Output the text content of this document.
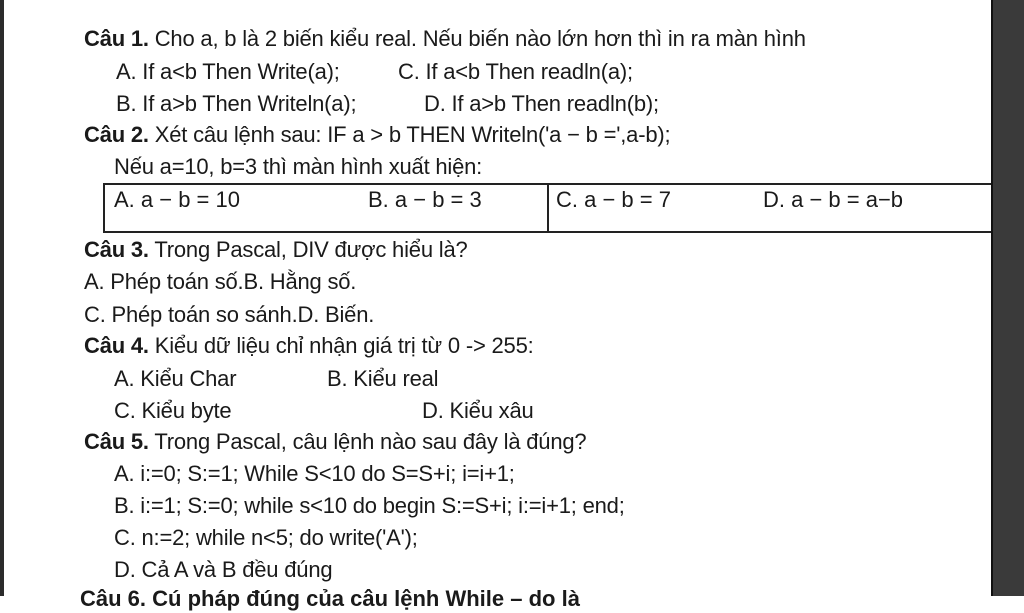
Câu 1. Cho a, b là 2 biến kiểu real. Nếu biến nào lớn hơn thì in ra màn hình
A. If a<b Then Write(a);	C. If a<b Then readln(a);
B. If a>b Then Writeln(a);	D. If a>b Then readln(b);
Câu 2. Xét câu lệnh sau: IF a > b THEN Writeln('a − b =',a-b);
Nếu a=10, b=3 thì màn hình xuất hiện:
A. a − b = 10	B. a − b = 3	C. a − b = 7	D. a − b = a−b
Câu 3. Trong Pascal, DIV được hiểu là?
A. Phép toán số.B. Hằng số.
C. Phép toán so sánh.D. Biến.
Câu 4. Kiểu dữ liệu chỉ nhận giá trị từ 0 -> 255:
A. Kiểu Char	B. Kiểu real
C. Kiểu byte	D. Kiểu xâu
Câu 5. Trong Pascal, câu lệnh nào sau đây là đúng?
A. i:=0; S:=1; While S<10 do S=S+i; i=i+1;
B. i:=1; S:=0; while s<10 do begin S:=S+i; i:=i+1; end;
C. n:=2; while n<5; do write('A');
D. Cả A và B đều đúng
Câu 6. Cú pháp đúng của câu lệnh While – do là
